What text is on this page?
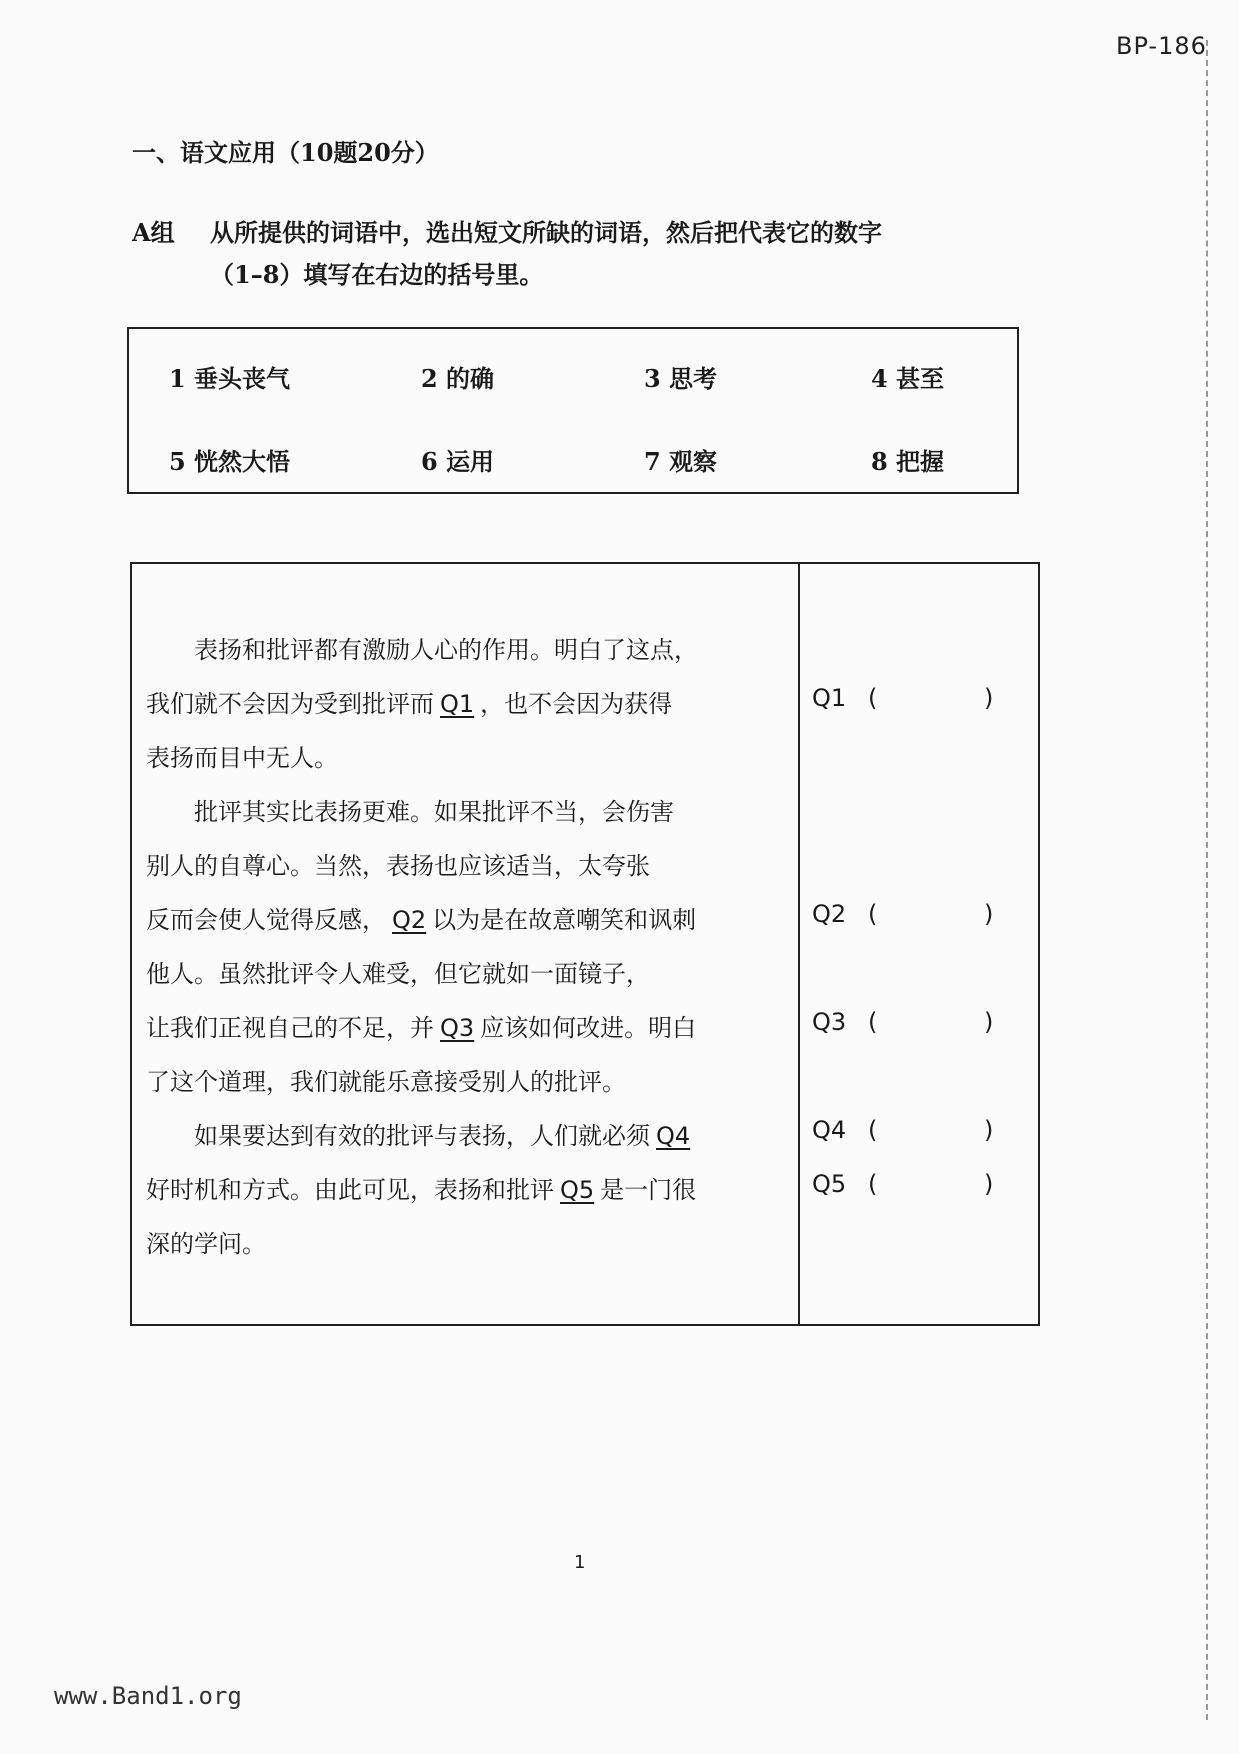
BP-186
一、语文应用（10题20分）
A组 从所提供的词语中，选出短文所缺的词语，然后把代表它的数字
（1–8）填写在右边的括号里。
1 垂头丧气	2 的确	3 思考	4 甚至
5 恍然大悟	6 运用	7 观察	8 把握
表扬和批评都有激励人心的作用。明白了这点，
我们就不会因为受到批评而 Q1 ，也不会因为获得
表扬而目中无人。
批评其实比表扬更难。如果批评不当，会伤害
别人的自尊心。当然，表扬也应该适当，太夸张
反而会使人觉得反感， Q2 以为是在故意嘲笑和讽刺
他人。虽然批评令人难受，但它就如一面镜子，
让我们正视自己的不足，并 Q3 应该如何改进。明白
了这个道理，我们就能乐意接受别人的批评。
如果要达到有效的批评与表扬，人们就必须 Q4
好时机和方式。由此可见，表扬和批评 Q5 是一门很
深的学问。
Q1 (	)
Q2 (	)
Q3 (	)
Q4 (	)
Q5 (	)
1
www.Band1.org
